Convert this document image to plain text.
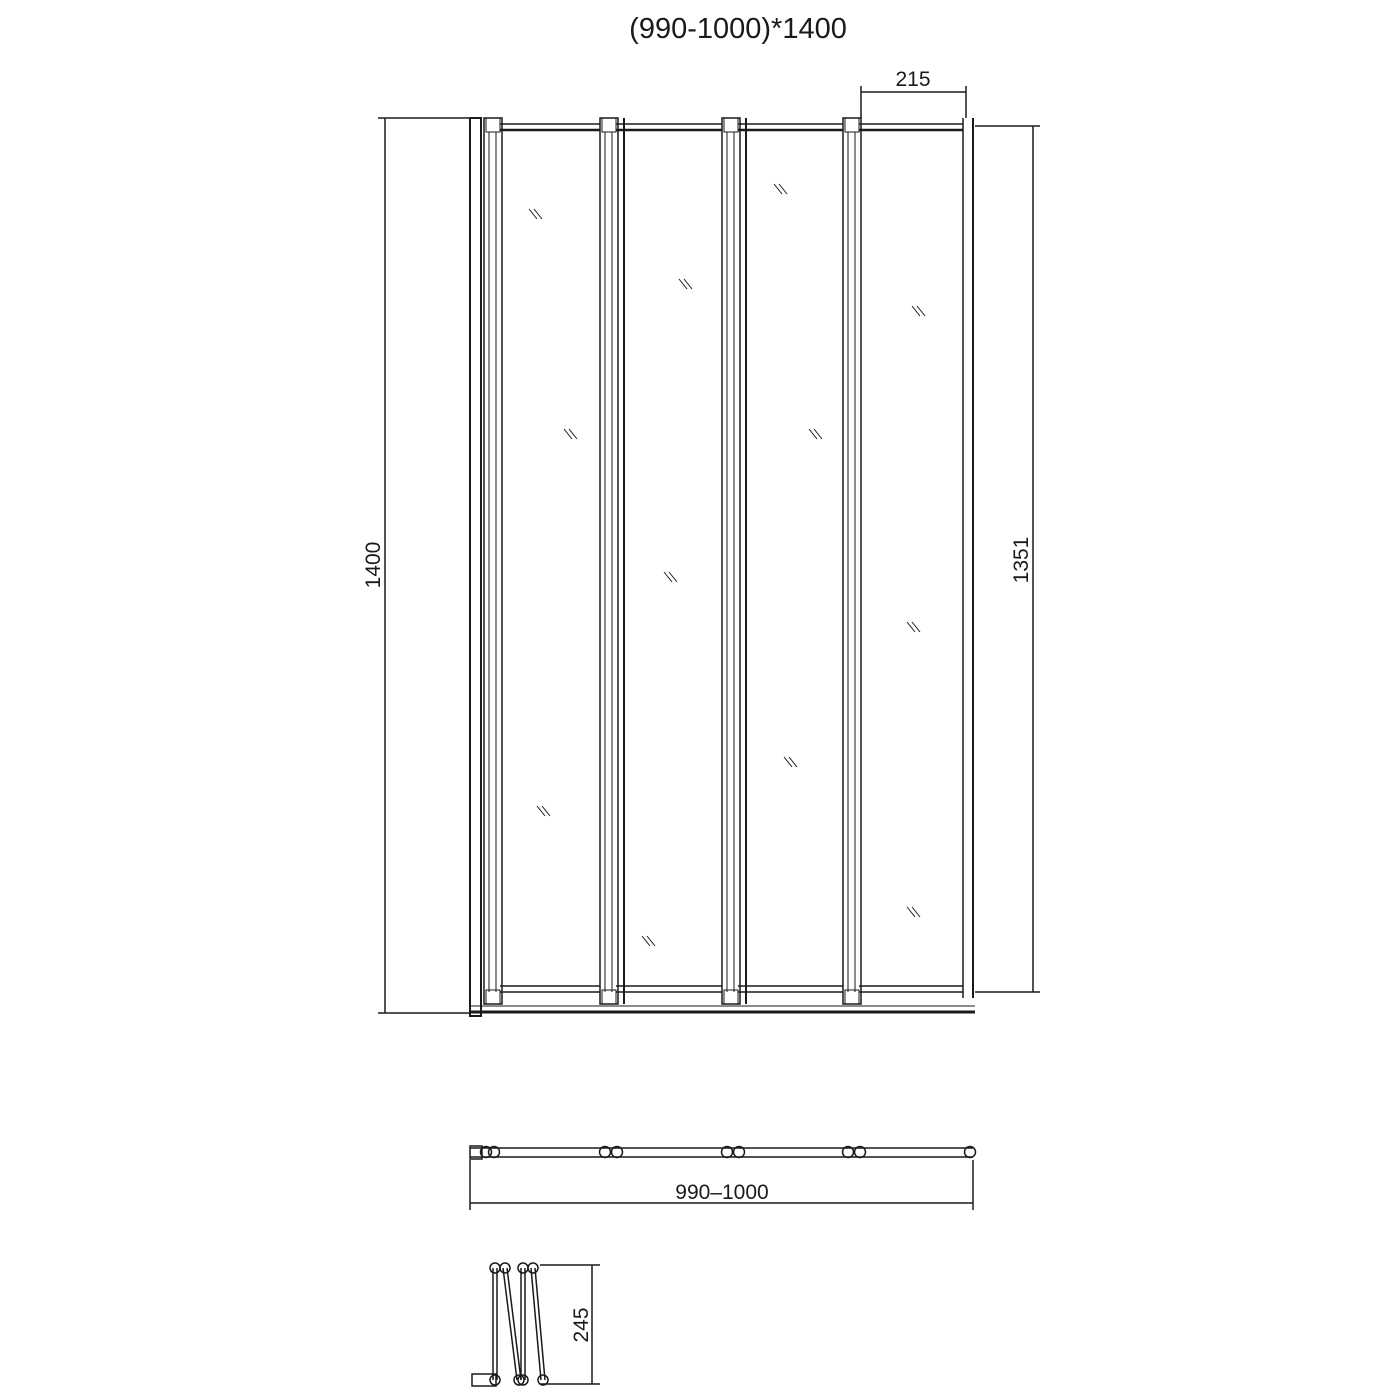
(990-1000)*1400
215
1400	1351
990–1000
245
